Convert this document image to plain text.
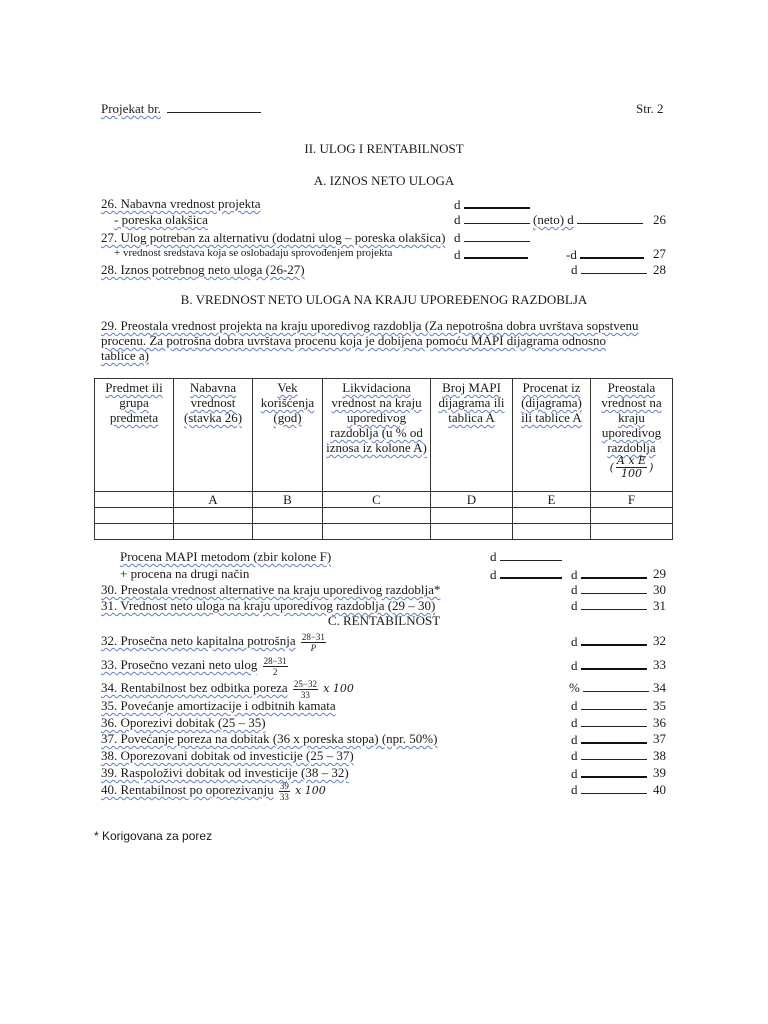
Projekat br.	Str. 2
II. ULOG I RENTABILNOST
A. IZNOS NETO ULOGA
26. Nabavna vrednost projekta	d
- poreska olakšica	d	(neto) d	26
27. Ulog potreban za alternativu (dodatni ulog – poreska olakšica) d
+ vrednost sredstava koja se oslobadaju sprovođenjem projekta	d	-d	27
28. Iznos potrebnog neto uloga (26-27)	d	28
B. VREDNOST NETO ULOGA NA KRAJU UPOREĐENOG RAZDOBLJA
29. Preostala vrednost projekta na kraju uporedivog razdoblja (Za nepotrošna dobra uvrštava sopstvenu
procenu. Za potrošna dobra uvrštava procenu koja je dobijena pomoću MAPI dijagrama odnosno
tablice a)
Predmet ili grupa predmeta	Nabavna vrednost (stavka 26)	Vek korišćenja (god)	Likvidaciona vrednost na kraju uporedivog razdoblja (u % od iznosa iz kolone A)	Broj MAPI dijagrama ili tablica A	Procenat iz (dijagrama) ili tablice A	Preostala vrednost na kraju uporedivog razdoblja
( $\frac{\text{A x E}}{100}$ )
	A	B	C	D	E	F

Procena MAPI metodom (zbir kolone F)	d
+ procena na drugi način	d	d	29
30. Preostala vrednost alternative na kraju uporedivog razdoblja*	d	30
31. Vrednost neto uloga na kraju uporedivog razdoblja (29 – 30)	d	31
C. RENTABILNOST
32. Prosečna neto kapitalna potrošnja $\frac{28-31}{P}$	d	32
33. Prosečno vezani neto ulog $\frac{28-31}{2}$	d	33
34. Rentabilnost bez odbitka poreza $\frac{25-32}{33}$ x 100	%	34
35. Povećanje amortizacije i odbitnih kamata	d	35
36. Oporezivi dobitak (25 – 35)	d	36
37. Povećanje poreza na dobitak (36 x poreska stopa) (npr. 50%)	d	37
38. Oporezovani dobitak od investicije (25 – 37)	d	38
39. Raspoloživi dobitak od investicije (38 – 32)	d	39
40. Rentabilnost po oporezivanju $\frac{39}{33}$ x 100	d	40
* Korigovana za porez
